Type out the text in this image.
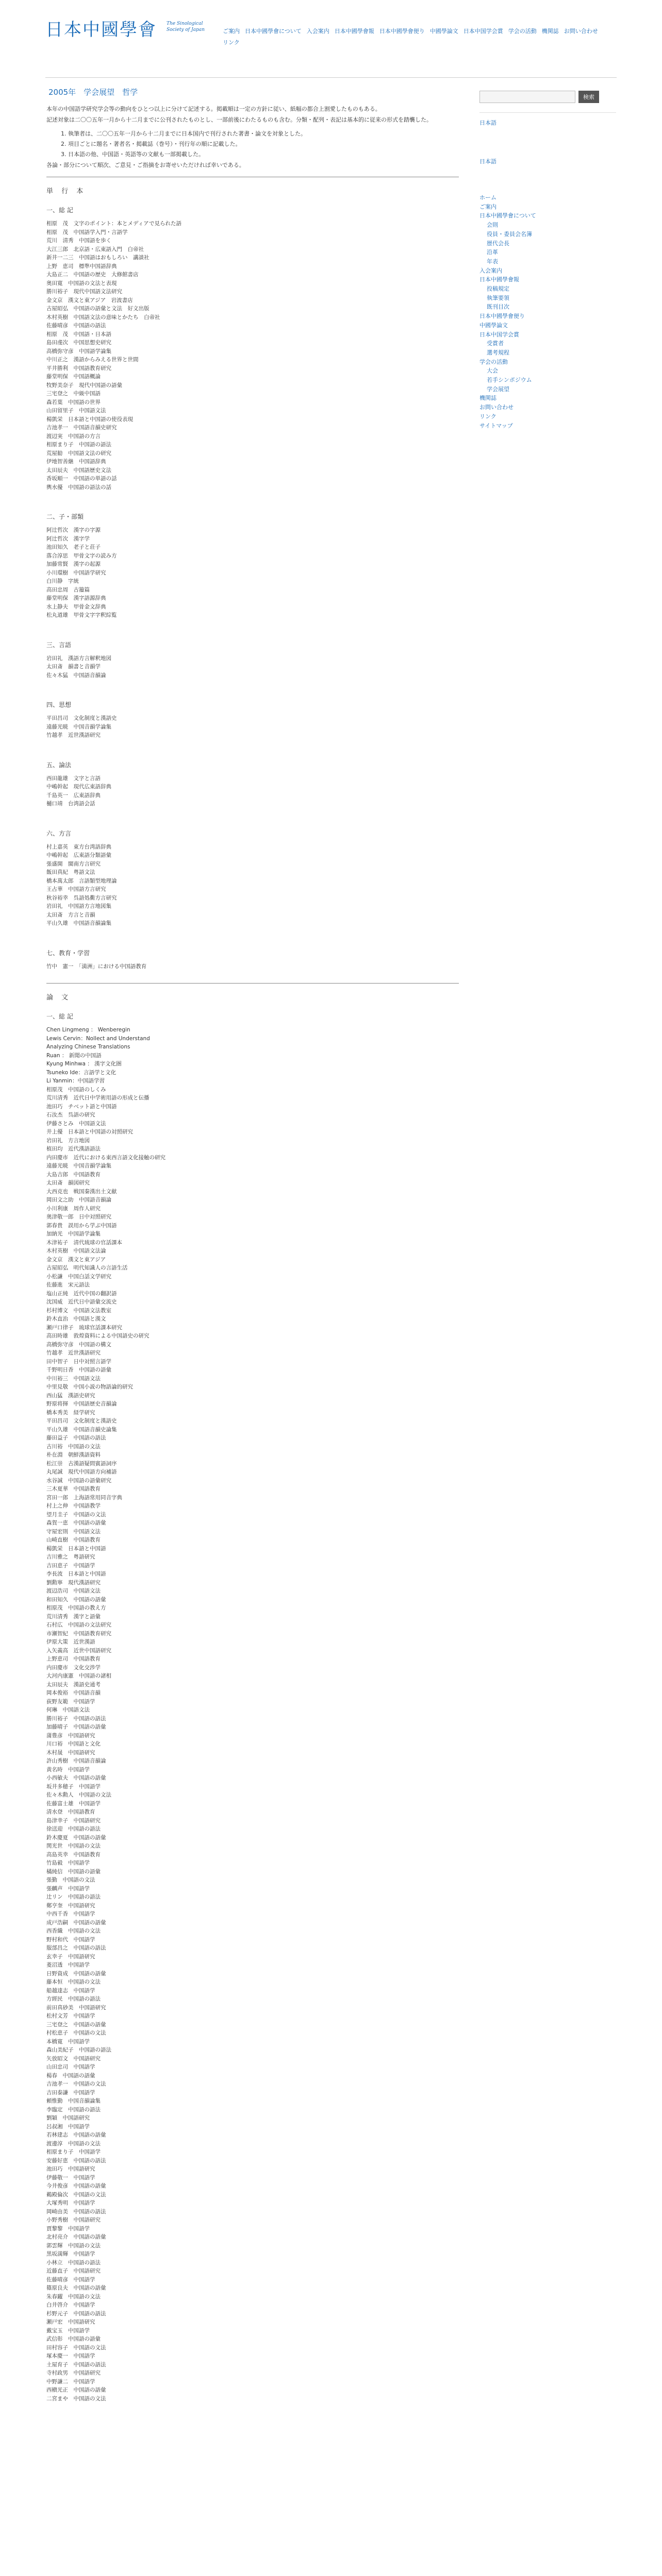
日本中國學會 The Sinological
Society of Japan	ご案内 日本中國學會について 入会案内 日本中國學會報 日本中國學會便り 中國學論文 日本中国学会賞 学会の活動 機関誌 お問い合わせリンク
2005年　学会展望　哲学

本年の中国語学研究学会等の動向をひとつ以上に分けて記述する。掲載順は一定の方針に従い、紙幅の都合上割愛したものもある。

記述対象は二〇〇五年一月から十二月までに公刊されたものとし、一部前後にわたるものも含む。分類・配列・表記は基本的に従来の形式を踏襲した。

1. 執筆者は、二〇〇五年一月から十二月までに日本国内で刊行された著書・論文を対象とした。
2. 項目ごとに題名・著者名・掲載誌（巻号）・刊行年の順に記載した。
3. 日本語の他、中国語・英語等の文献も一部掲載した。

各論・部分について順次、ご意見・ご指摘をお寄せいただければ幸いである。

単 行 本
一、総 記
相原　茂　文字のポイント：本とメディアで見られた語
相原　茂　中国語学入門・言語学
荒川　清秀　中国語を歩く
大江三郎　北京語・広東語入門　白帝社
新井一二三　中国語はおもしろい　講談社
上野　恵司　標準中国語辞典
大島正二　中国語の歴史　大修館書店
奥田寛　中国語の文法と表現
勝川裕子　現代中国語文法研究
金文京　漢文と東アジア　岩波書店
古屋昭弘　中国語の語彙と文法　好文出版
木村英樹　中国語文法の意味とかたち　白帝社
佐藤晴彦　中国語の語法
相原　茂　中国語・日本語
島田虔次　中国思想史研究
高橋弥守彦　中国語学論集
中川正之　漢語からみえる世界と世間
平井勝利　中国語教育研究
藤堂明保　中国語概論
牧野美奈子　現代中国語の語彙
三宅登之　中級中国語
森若葉　中国語の世界
山田留里子　中国語文法
楊凱栄　日本語と中国語の使役表現
吉池孝一　中国語音韻史研究
渡辺実　中国語の方言
相原まり子　中国語の語法
荒屋勧　中国語文法の研究
伊地智善継　中国語辞典
太田辰夫　中国語歴史文法
香坂順一　中国語の単語の話
輿水優　中国語の語法の話
二、子・部類
阿辻哲次　漢字の字源
阿辻哲次　漢字学
池田知久　老子と荘子
落合淳思　甲骨文字の読み方
加藤常賢　漢字の起源
小川環樹　中国語学研究
白川静　字統
高田忠周　古籀篇
藤堂明保　漢字語源辞典
水上静夫　甲骨金文辞典
松丸道雄　甲骨文字字釈綜覧
三、言語
岩田礼　漢語方言解釈地図
太田斎　韻書と音韻学
佐々木猛　中国語音韻論
四、思想
平田昌司　文化制度と漢語史
遠藤光暁　中国音韻学論集
竹越孝　近世漢語研究
五、論法
西田龍雄　文字と言語
中嶋幹起　現代広東語辞典
千島英一　広東語辞典
樋口靖　台湾語会話
六、方言
村上嘉英　東方台湾語辞典
中嶋幹起　広東語分類語彙
張盛開　閩南方言研究
飯田真紀　粤語文法
橋本萬太郎　言語類型地理論
王占華　中国語方言研究
秋谷裕幸　呉語処衢方言研究
岩田礼　中国語方言地図集
太田斎　方言と音韻
平山久雄　中国語音韻論集
七、教育・学習
竹中　憲一　「満洲」における中国語教育
論 文
一、総 記
Chen Lingmeng ： Wenberegin
Lewis Cervin：Nollect and Understand
Analyzing Chinese Translations
Ruan ： 新聞の中国語
Kyung Minhwa ： 漢字文化圏
Tsuneko Ide：言語学と文化
Li Yanmin：中国語学習
相原茂　中国語のしくみ
荒川清秀　近代日中学術用語の形成と伝播
池田巧　チベット語と中国語
石汝杰　呉語の研究
伊藤さとみ　中国語文法
井上優　日本語と中国語の対照研究
岩田礼　方言地図
植田均　近代漢語語法
内田慶市　近代における東西言語文化接触の研究
遠藤光暁　中国音韻学論集
大島吉郎　中国語教育
太田斎　韻図研究
大西克也　戦国秦漢出土文献
岡田文之助　中国語音韻論
小川利康　周作人研究
奥津敬一郎　日中対照研究
郭春貴　誤用から学ぶ中国語
加納光　中国語学論集
木津祐子　清代琉球の官話課本
木村英樹　中国語文法論
金文京　漢文と東アジア
古屋昭弘　明代知識人の言語生活
小松謙　中国白話文学研究
佐藤進　宋元語法
塩山正純　近代中国の翻訳語
沈国威　近代日中語彙交流史
杉村博文　中国語文法教室
鈴木直治　中国語と漢文
瀬戸口律子　琉球官話課本研究
高田時雄　敦煌資料による中国語史の研究
高橋弥守彦　中国語の構文
竹越孝　近世漢語研究
田中智子　日中対照言語学
千野明日香　中国語の語彙
中川裕三　中国語文法
中里見敬　中国小説の物語論的研究
西山猛　漢語史研究
野原将揮　中国語歴史音韻論
橋本秀美　経学研究
平田昌司　文化制度と漢語史
平山久雄　中国語音韻史論集
藤田益子　中国語の語法
古川裕　中国語の文法
朴在淵　朝鮮漢語資料
松江崇　古漢語疑問賓語詞序
丸尾誠　現代中国語方向補語
水谷誠　中国語の語彙研究
三木夏華　中国語教育
宮田一郎　上海語常用同音字典
村上之伸　中国語教学
望月圭子　中国語の文法
森賀一恵　中国語の語彙
守屋宏則　中国語文法
山崎直樹　中国語教育
楊凱栄　日本語と中国語
吉川雅之　粤語研究
吉田恵子　中国語学
李長波　日本語と中国語
劉勲寧　現代漢語研究
渡辺浩司　中国語文法
和田知久　中国語の語彙
相原茂　中国語の教え方
荒川清秀　漢字と語彙
石村広　中国語の文法研究
市瀬智紀　中国語教育研究
伊原大策　近世漢語
入矢義高　近世中国語研究
上野恵司　中国語教育
内田慶市　文化交渉学
大河内康憲　中国語の諸相
太田辰夫　漢語史通考
岡本俊裕　中国語音韻
荻野友範　中国語学
何琳　中国語文法
勝川裕子　中国語の語法
加藤晴子　中国語の語彙
蒲豊彦　中国語研究
川口裕　中国語と文化
木村晟　中国語研究
許山秀樹　中国語音韻論
黄名時　中国語学
小西敏夫　中国語の語彙
坂井多穂子　中国語学
佐々木勲人　中国語の文法
佐藤富士雄　中国語学
清水登　中国語教育
島津幸子　中国語研究
徐送迎　中国語の語法
鈴木慶夏　中国語の語彙
関光世　中国語の文法
高島英幸　中国語教育
竹島毅　中国語学
橘純信　中国語の語彙
張勤　中国語の文法
張麟声　中国語学
辻リン　中国語の語法
鄭亨奎　中国語研究
中西千香　中国語学
成戸浩嗣　中国語の語彙
西香織　中国語の文法
野村和代　中国語学
服部昌之　中国語の語法
玄幸子　中国語研究
菱沼透　中国語学
日野資成　中国語の語彙
藤本恒　中国語の文法
船越達志　中国語学
方經民　中国語の語法
前田真砂美　中国語研究
松村文芳　中国語学
三宅登之　中国語の語彙
村松恵子　中国語の文法
本橋寛　中国語学
森山美紀子　中国語の語法
矢放昭文　中国語研究
山田忠司　中国語学
楊春　中国語の語彙
吉池孝一　中国語の文法
吉田泰謙　中国語学
頼惟勤　中国音韻論集
李臨定　中国語の語法
劉穎　中国語研究
呂叔湘　中国語学
若林建志　中国語の語彙
渡邊淳　中国語の文法
相原まり子　中国語学
安藤好恵　中国語の語法
池田巧　中国語研究
伊藤敬一　中国語学
今井俊彦　中国語の語彙
鵜殿倫次　中国語の文法
大塚秀明　中国語学
岡崎由美　中国語の語法
小野秀樹　中国語研究
賈黎黎　中国語学
北村亮介　中国語の語彙
郭雲輝　中国語の文法
黒坂満輝　中国語学
小林立　中国語の語法
近藤直子　中国語研究
佐藤晴彦　中国語学
篠原良夫　中国語の語彙
朱春躍　中国語の文法
白井啓介　中国語学
杉野元子　中国語の語法
瀬戸宏　中国語研究
戴宝玉　中国語学
武信彰　中国語の語彙
田村容子　中国語の文法
塚本慶一　中国語学
土屋育子　中国語の語法
寺村政男　中国語研究
中野謙二　中国語学
西槇光正　中国語の語彙
二宮まや　中国語の文法
検索
日本語
日本語
ホーム
ご案内
日本中國學會について
会則
役員・委員会名簿
歴代会長
沿革
年表
入会案内
日本中國學會報
投稿規定
執筆要領
既刊目次
日本中國學會便り
中國學論文
日本中国学会賞
受賞者
選考規程
学会の活動
大会
若手シンポジウム
学会展望
機関誌
お問い合わせ
リンク
サイトマップ
